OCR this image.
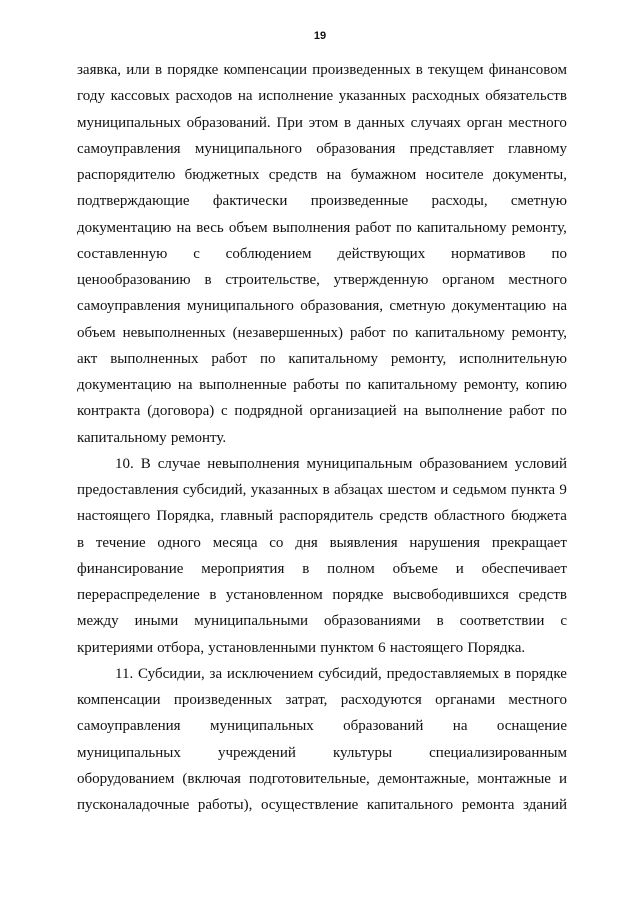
19
заявка, или в порядке компенсации произведенных в текущем финансовом
году кассовых расходов на исполнение указанных расходных обязательств
муниципальных образований. При этом в данных случаях орган местного
самоуправления муниципального образования представляет главному
распорядителю бюджетных средств на бумажном носителе документы,
подтверждающие фактически произведенные расходы, сметную
документацию на весь объем выполнения работ по капитальному ремонту,
составленную с соблюдением действующих нормативов по
ценообразованию в строительстве, утвержденную органом местного
самоуправления муниципального образования, сметную документацию на
объем невыполненных (незавершенных) работ по капитальному ремонту,
акт выполненных работ по капитальному ремонту, исполнительную
документацию на выполненные работы по капитальному ремонту, копию
контракта (договора) с подрядной организацией на выполнение работ по
капитальному ремонту.
10. В случае невыполнения муниципальным образованием условий
предоставления субсидий, указанных в абзацах шестом и седьмом пункта 9
настоящего Порядка, главный распорядитель средств областного бюджета
в течение одного месяца со дня выявления нарушения прекращает
финансирование мероприятия в полном объеме и обеспечивает
перераспределение в установленном порядке высвободившихся средств
между иными муниципальными образованиями в соответствии с
критериями отбора, установленными пунктом 6 настоящего Порядка.
11. Субсидии, за исключением субсидий, предоставляемых в порядке
компенсации произведенных затрат, расходуются органами местного
самоуправления муниципальных образований на оснащение
муниципальных учреждений культуры специализированным
оборудованием (включая подготовительные, демонтажные, монтажные и
пусконаладочные работы), осуществление капитального ремонта зданий
